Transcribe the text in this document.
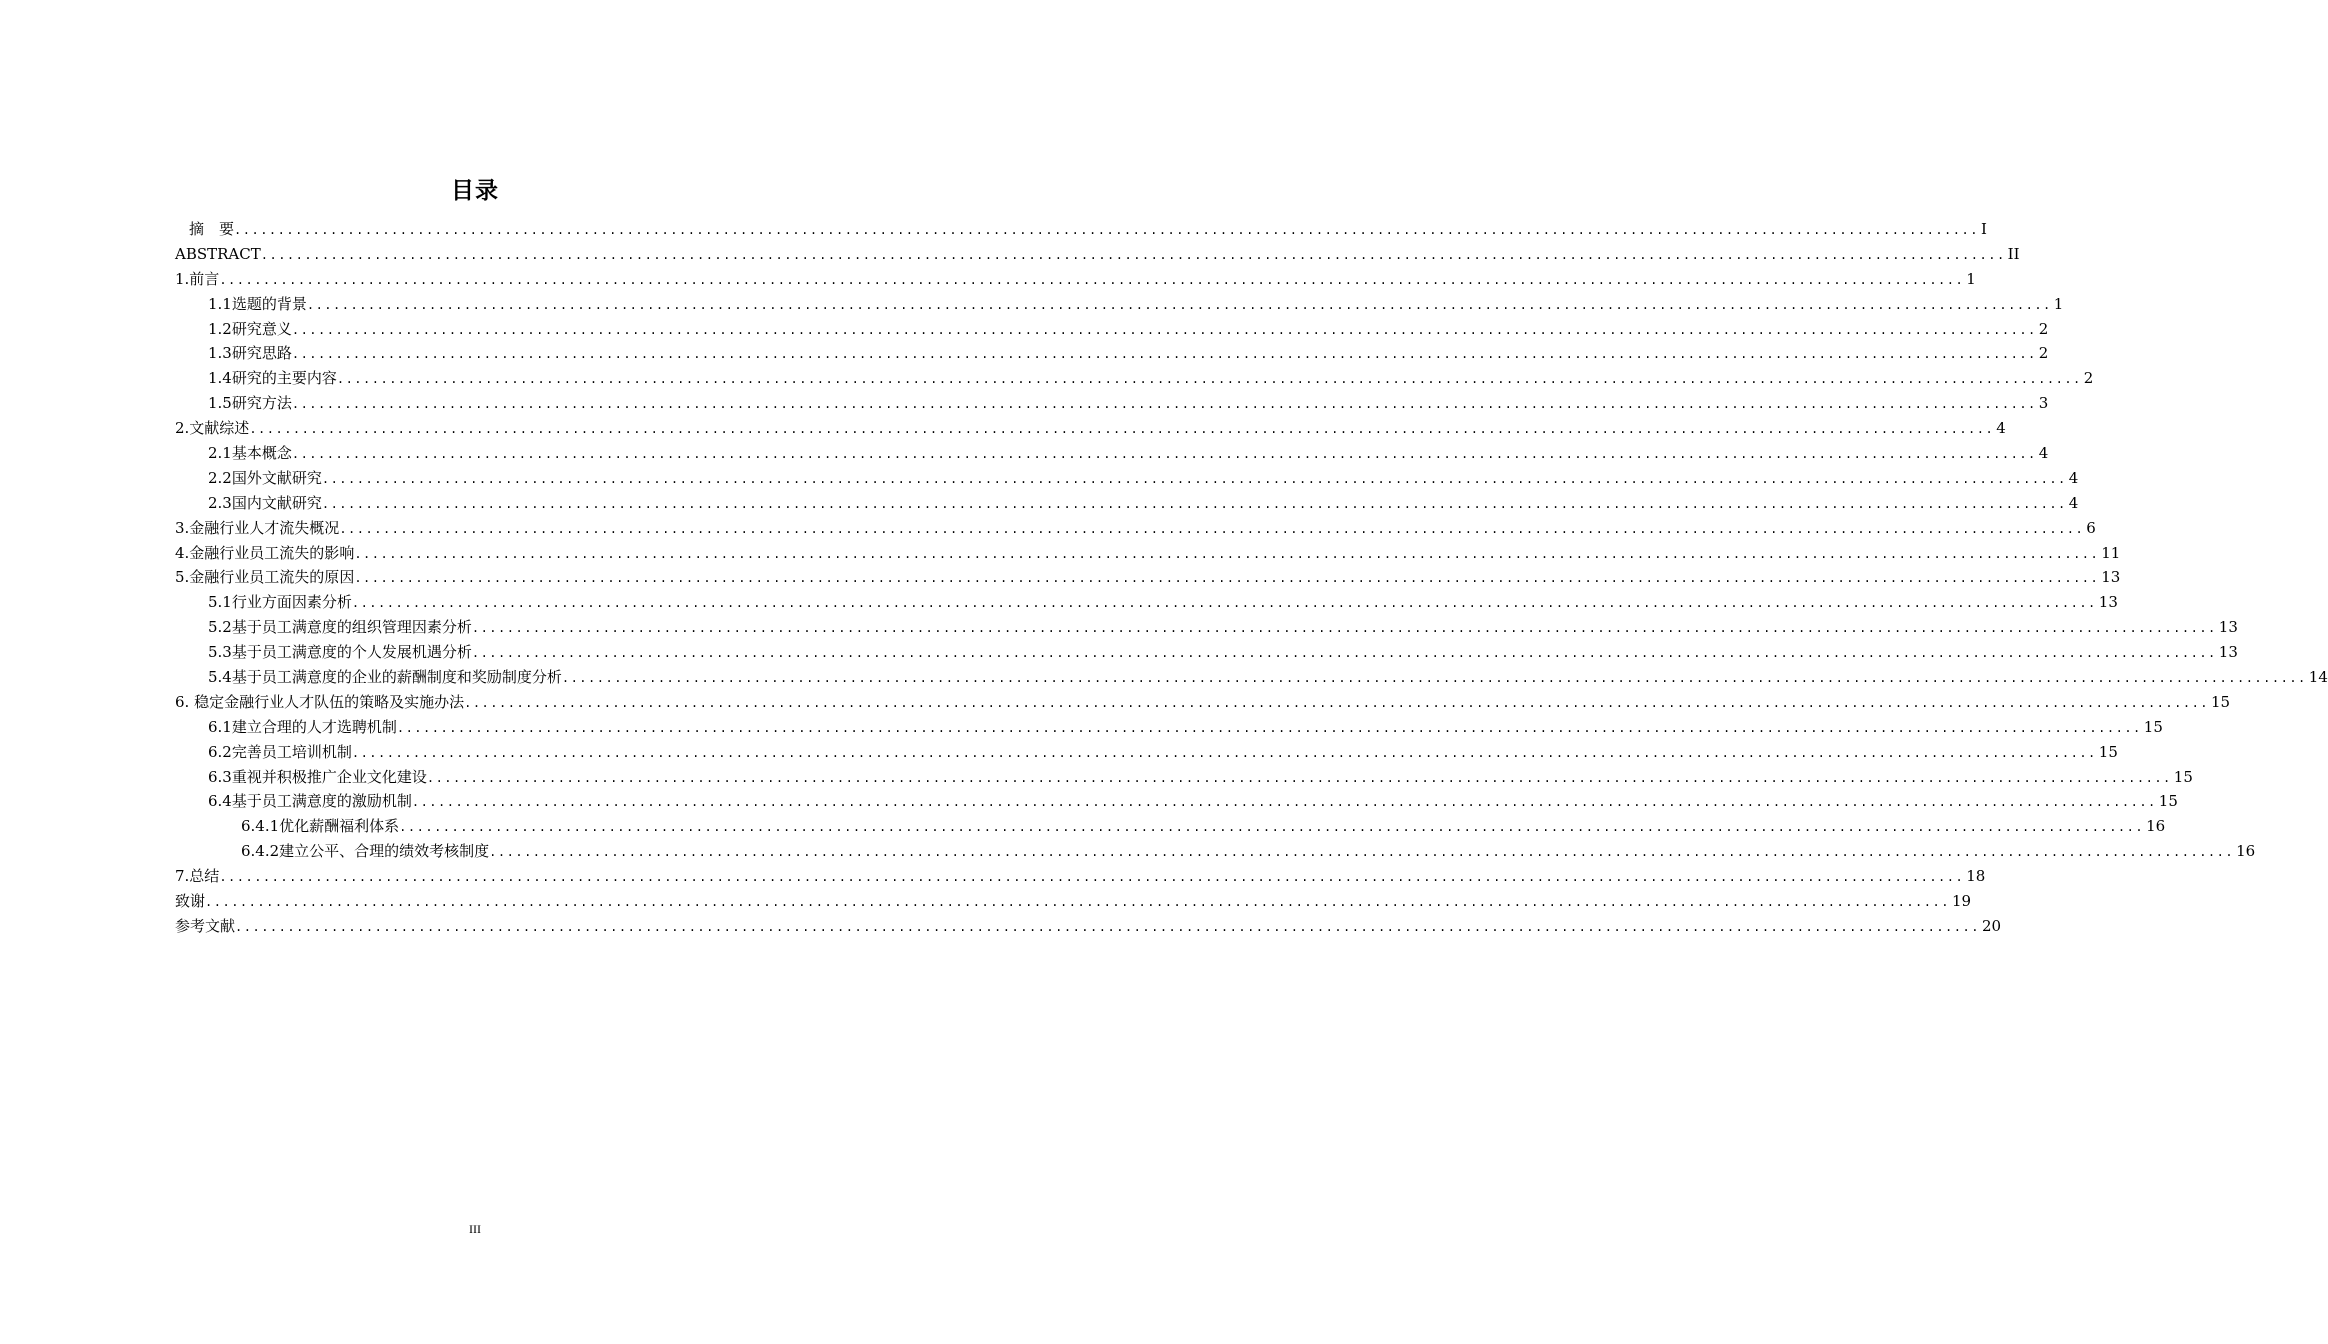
目录
摘　要 ........................................................................................................................................................................................................ I
ABSTRACT ........................................................................................................................................................................................................ II
1.前言 ........................................................................................................................................................................................................ 1
1.1选题的背景 ........................................................................................................................................................................................................ 1
1.2研究意义 ........................................................................................................................................................................................................ 2
1.3研究思路 ........................................................................................................................................................................................................ 2
1.4研究的主要内容 ........................................................................................................................................................................................................ 2
1.5研究方法 ........................................................................................................................................................................................................ 3
2.文献综述 ........................................................................................................................................................................................................ 4
2.1基本概念 ........................................................................................................................................................................................................ 4
2.2国外文献研究 ........................................................................................................................................................................................................ 4
2.3国内文献研究 ........................................................................................................................................................................................................ 4
3.金融行业人才流失概况 ........................................................................................................................................................................................................ 6
4.金融行业员工流失的影响 ........................................................................................................................................................................................................ 11
5.金融行业员工流失的原因 ........................................................................................................................................................................................................ 13
5.1行业方面因素分析 ........................................................................................................................................................................................................ 13
5.2基于员工满意度的组织管理因素分析 ........................................................................................................................................................................................................ 13
5.3基于员工满意度的个人发展机遇分析 ........................................................................................................................................................................................................ 13
5.4基于员工满意度的企业的薪酬制度和奖励制度分析 ........................................................................................................................................................................................................ 14
6. 稳定金融行业人才队伍的策略及实施办法 ........................................................................................................................................................................................................ 15
6.1建立合理的人才选聘机制 ........................................................................................................................................................................................................ 15
6.2完善员工培训机制 ........................................................................................................................................................................................................ 15
6.3重视并积极推广企业文化建设 ........................................................................................................................................................................................................ 15
6.4基于员工满意度的激励机制 ........................................................................................................................................................................................................ 15
6.4.1优化薪酬福利体系 ........................................................................................................................................................................................................ 16
6.4.2建立公平、合理的绩效考核制度 ........................................................................................................................................................................................................ 16
7.总结 ........................................................................................................................................................................................................ 18
致谢 ........................................................................................................................................................................................................ 19
参考文献 ........................................................................................................................................................................................................ 20
III
